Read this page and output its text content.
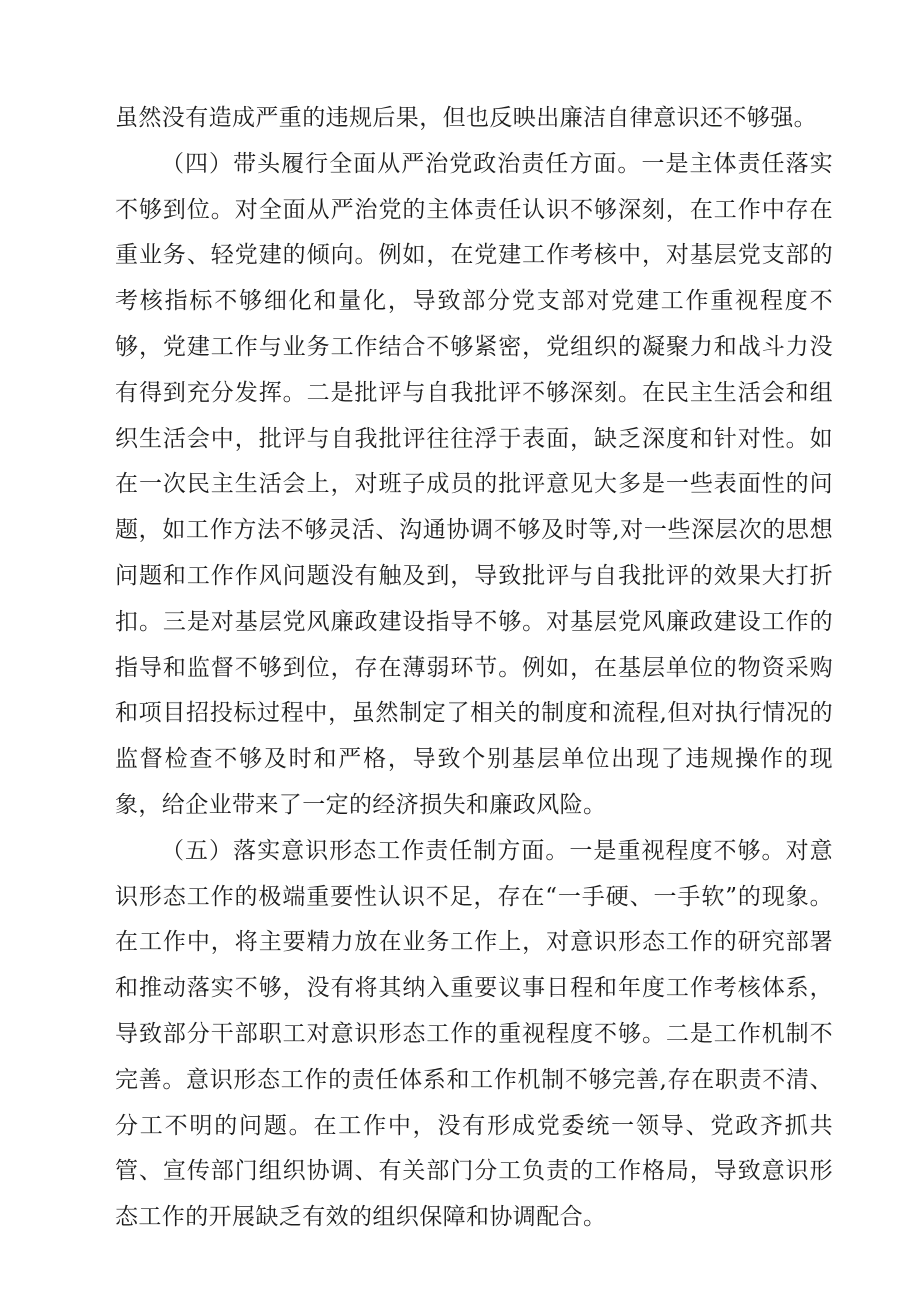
虽然没有造成严重的违规后果，但也反映出廉洁自律意识还不够强。

（四）带头履行全面从严治党政治责任方面。一是主体责任落实不够到位。对全面从严治党的主体责任认识不够深刻，在工作中存在重业务、轻党建的倾向。例如，在党建工作考核中，对基层党支部的考核指标不够细化和量化，导致部分党支部对党建工作重视程度不够，党建工作与业务工作结合不够紧密，党组织的凝聚力和战斗力没有得到充分发挥。二是批评与自我批评不够深刻。在民主生活会和组织生活会中，批评与自我批评往往浮于表面，缺乏深度和针对性。如在一次民主生活会上，对班子成员的批评意见大多是一些表面性的问题，如工作方法不够灵活、沟通协调不够及时等,对一些深层次的思想问题和工作作风问题没有触及到，导致批评与自我批评的效果大打折扣。三是对基层党风廉政建设指导不够。对基层党风廉政建设工作的指导和监督不够到位，存在薄弱环节。例如，在基层单位的物资采购和项目招投标过程中，虽然制定了相关的制度和流程,但对执行情况的监督检查不够及时和严格，导致个别基层单位出现了违规操作的现象，给企业带来了一定的经济损失和廉政风险。

（五）落实意识形态工作责任制方面。一是重视程度不够。对意识形态工作的极端重要性认识不足，存在“一手硬、一手软”的现象。在工作中，将主要精力放在业务工作上，对意识形态工作的研究部署和推动落实不够，没有将其纳入重要议事日程和年度工作考核体系，导致部分干部职工对意识形态工作的重视程度不够。二是工作机制不完善。意识形态工作的责任体系和工作机制不够完善,存在职责不清、分工不明的问题。在工作中，没有形成党委统一领导、党政齐抓共管、宣传部门组织协调、有关部门分工负责的工作格局，导致意识形态工作的开展缺乏有效的组织保障和协调配合。
